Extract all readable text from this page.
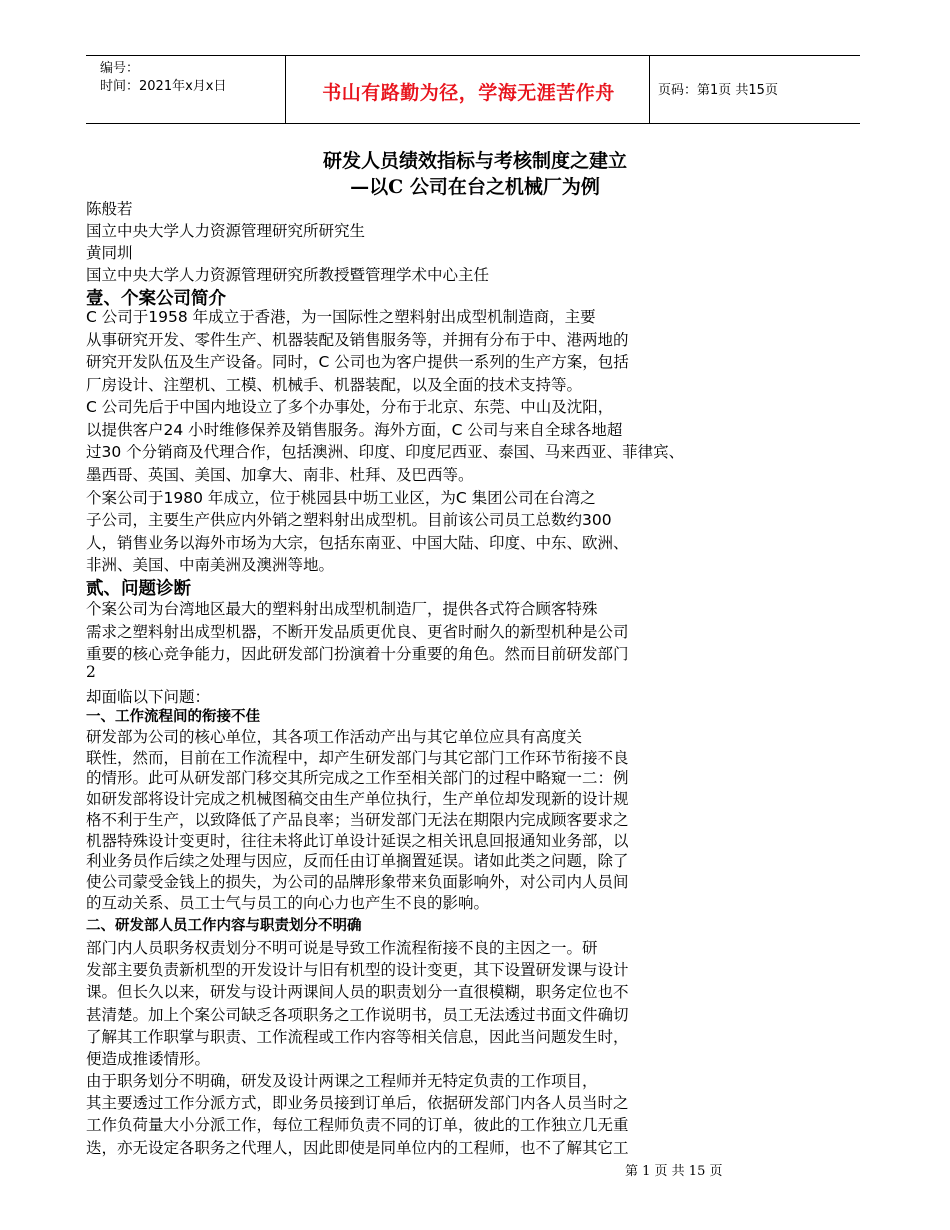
编号：
时间：2021年x月x日	书山有路勤为径，学海无涯苦作舟	页码：第1页 共15页
研发人员绩效指标与考核制度之建立
—以C 公司在台之机械厂为例
陈般若
国立中央大学人力资源管理研究所研究生
黄同圳
国立中央大学人力资源管理研究所教授暨管理学术中心主任
壹、个案公司简介
C 公司于1958 年成立于香港，为一国际性之塑料射出成型机制造商，主要
从事研究开发、零件生产、机器装配及销售服务等，并拥有分布于中、港两地的
研究开发队伍及生产设备。同时，C 公司也为客户提供一系列的生产方案，包括
厂房设计、注塑机、工模、机械手、机器装配，以及全面的技术支持等。
C 公司先后于中国内地设立了多个办事处，分布于北京、东莞、中山及沈阳，
以提供客户24 小时维修保养及销售服务。海外方面，C 公司与来自全球各地超
过30 个分销商及代理合作，包括澳洲、印度、印度尼西亚、泰国、马来西亚、菲律宾、
墨西哥、英国、美国、加拿大、南非、杜拜、及巴西等。
个案公司于1980 年成立，位于桃园县中坜工业区，为C 集团公司在台湾之
子公司，主要生产供应内外销之塑料射出成型机。目前该公司员工总数约300
人，销售业务以海外市场为大宗，包括东南亚、中国大陆、印度、中东、欧洲、
非洲、美国、中南美洲及澳洲等地。
贰、问题诊断
个案公司为台湾地区最大的塑料射出成型机制造厂，提供各式符合顾客特殊
需求之塑料射出成型机器，不断开发品质更优良、更省时耐久的新型机种是公司
重要的核心竞争能力，因此研发部门扮演着十分重要的角色。然而目前研发部门
2
却面临以下问题：
一、工作流程间的衔接不佳
研发部为公司的核心单位，其各项工作活动产出与其它单位应具有高度关
联性，然而，目前在工作流程中，却产生研发部门与其它部门工作环节衔接不良
的情形。此可从研发部门移交其所完成之工作至相关部门的过程中略窥一二：例
如研发部将设计完成之机械图稿交由生产单位执行，生产单位却发现新的设计规
格不利于生产，以致降低了产品良率；当研发部门无法在期限内完成顾客要求之
机器特殊设计变更时，往往未将此订单设计延误之相关讯息回报通知业务部，以
利业务员作后续之处理与因应，反而任由订单搁置延误。诸如此类之问题，除了
使公司蒙受金钱上的损失，为公司的品牌形象带来负面影响外，对公司内人员间
的互动关系、员工士气与员工的向心力也产生不良的影响。
二、研发部人员工作内容与职责划分不明确
部门内人员职务权责划分不明可说是导致工作流程衔接不良的主因之一。研
发部主要负责新机型的开发设计与旧有机型的设计变更，其下设置研发课与设计
课。但长久以来，研发与设计两课间人员的职责划分一直很模糊，职务定位也不
甚清楚。加上个案公司缺乏各项职务之工作说明书，员工无法透过书面文件确切
了解其工作职掌与职责、工作流程或工作内容等相关信息，因此当问题发生时，
便造成推诿情形。
由于职务划分不明确，研发及设计两课之工程师并无特定负责的工作项目，
其主要透过工作分派方式，即业务员接到订单后，依据研发部门内各人员当时之
工作负荷量大小分派工作，每位工程师负责不同的订单，彼此的工作独立几无重
迭，亦无设定各职务之代理人，因此即使是同单位内的工程师，也不了解其它工
第 1 页 共 15 页
